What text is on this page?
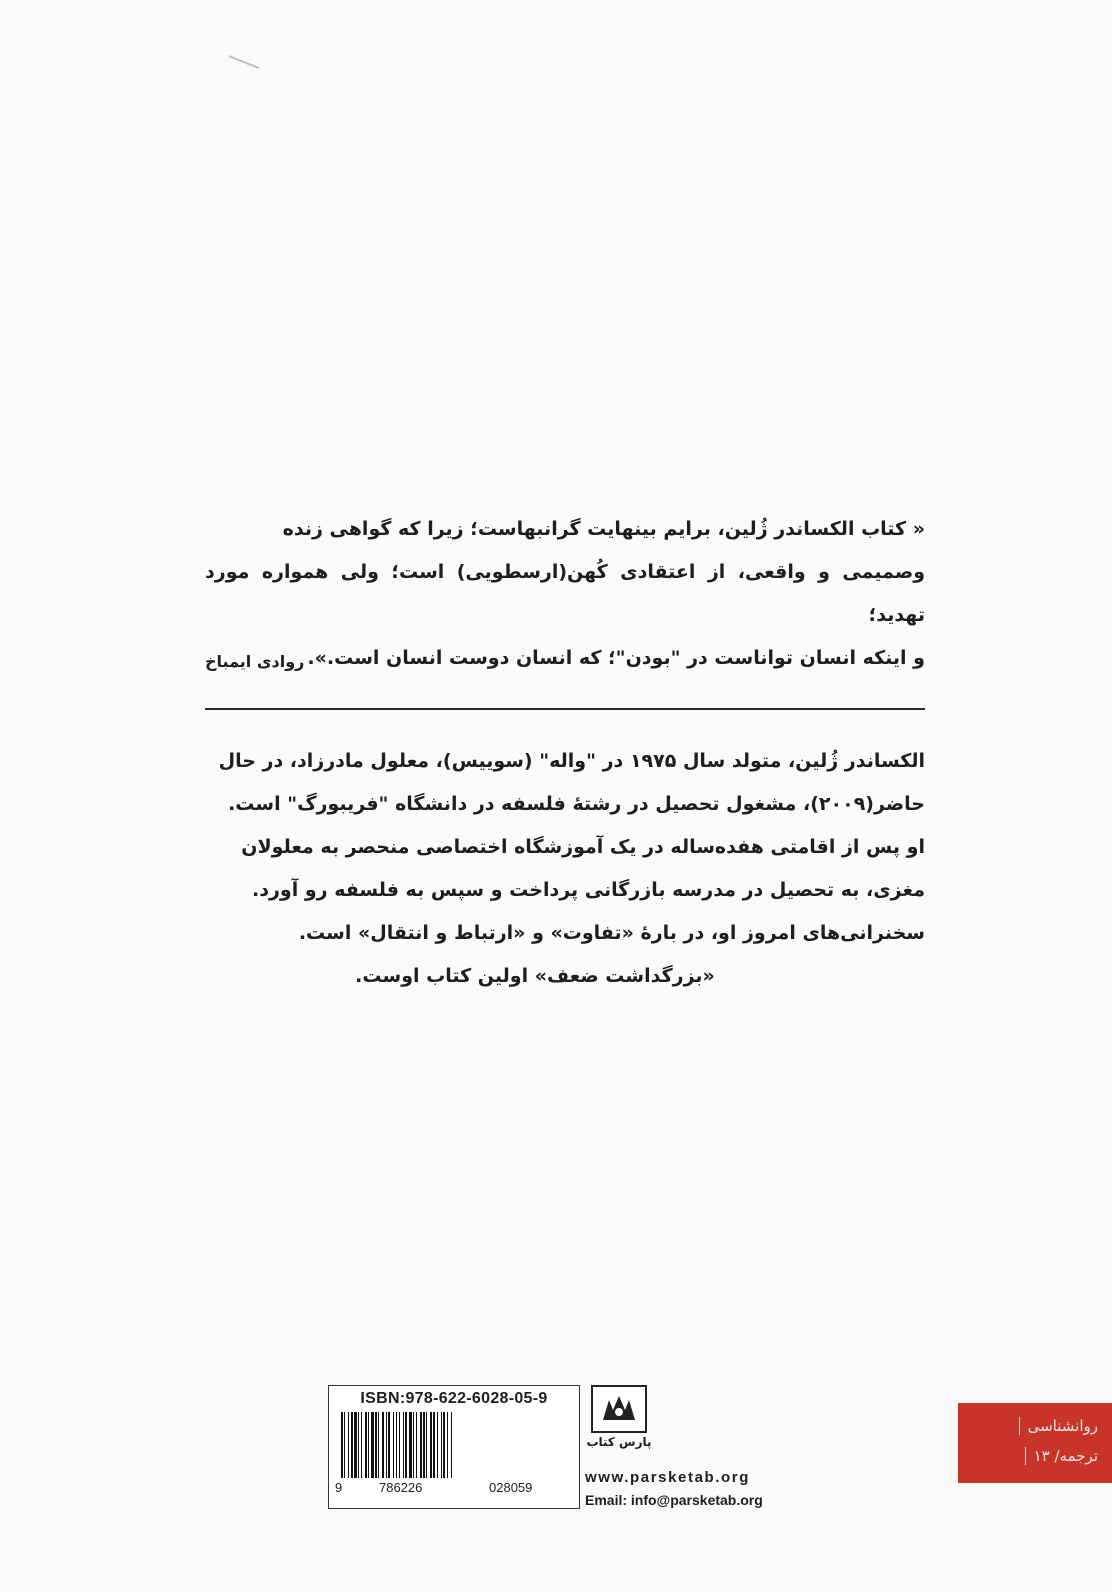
« کتاب الکساندر ژُلین، برایم بینهایت گرانبهاست؛ زیرا که گواهی زنده

وصمیمی و واقعی، از اعتقادی کُهن(ارسطویی) است؛ ولی همواره مورد تهدید؛

و اینکه انسان تواناست در "بودن"؛ که انسان دوست انسان است.».

روادی ایمباخ

الکساندر ژُلین، متولد سال ۱۹۷۵ در "واله" (سوییس)، معلول مادرزاد، در حال

حاضر(۲۰۰۹)، مشغول تحصیل در رشتهٔ فلسفه در دانشگاه "فریبورگ" است.

او پس از اقامتی هفده‌ساله در یک آموزشگاه اختصاصی منحصر به معلولان

مغزی، به تحصیل در مدرسه بازرگانی پرداخت و سپس به فلسفه رو آورد.

سخنرانی‌های امروز او، در بارهٔ «تفاوت» و «ارتباط و انتقال» است.

«بزرگداشت ضعف» اولین کتاب اوست.

ISBN:978-622-6028-05-9
9	786226	028059
پارس کتاب
www.parsketab.org
Email: info@parsketab.org
روانشناسی
ترجمه/ ۱۳
